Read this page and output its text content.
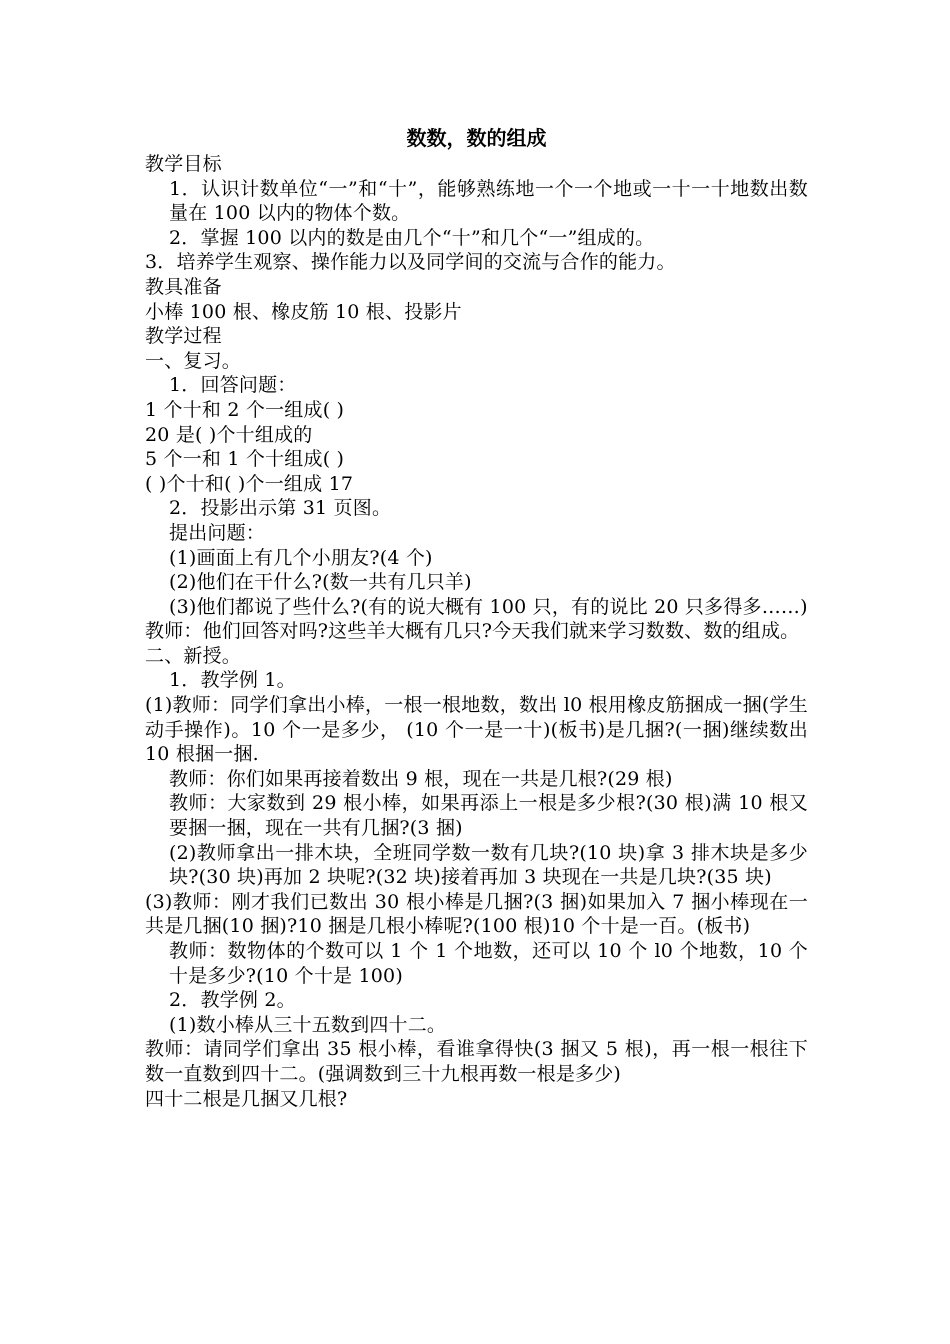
数数，数的组成
教学目标
1．认识计数单位“一”和“十”，能够熟练地一个一个地或一十一十地数出数量在 100 以内的物体个数。
2．掌握 100 以内的数是由几个“十”和几个“一”组成的。
3．培养学生观察、操作能力以及同学间的交流与合作的能力。
教具准备
小棒 100 根、橡皮筋 10 根、投影片
教学过程
一、复习。
1．回答问题：
1 个十和 2 个一组成( )
20 是( )个十组成的
5 个一和 1 个十组成( )
( )个十和( )个一组成 17
2．投影出示第 31 页图。
提出问题：
(1)画面上有几个小朋友?(4 个)
(2)他们在干什么?(数一共有几只羊)
(3)他们都说了些什么?(有的说大概有 100 只，有的说比 20 只多得多……)
教师：他们回答对吗?这些羊大概有几只?今天我们就来学习数数、数的组成。
二、新授。
1．教学例 1。
(1)教师：同学们拿出小棒，一根一根地数，数出 l0 根用橡皮筋捆成一捆(学生动手操作)。10 个一是多少， (10 个一是一十)(板书)是几捆?(一捆)继续数出 10 根捆一捆.
教师：你们如果再接着数出 9 根，现在一共是几根?(29 根)
教师：大家数到 29 根小棒，如果再添上一根是多少根?(30 根)满 10 根又要捆一捆，现在一共有几捆?(3 捆)
(2)教师拿出一排木块，全班同学数一数有几块?(10 块)拿 3 排木块是多少块?(30 块)再加 2 块呢?(32 块)接着再加 3 块现在一共是几块?(35 块)
(3)教师：刚才我们已数出 30 根小棒是几捆?(3 捆)如果加入 7 捆小棒现在一共是几捆(10 捆)?10 捆是几根小棒呢?(100 根)10 个十是一百。(板书)
教师：数物体的个数可以 1 个 1 个地数，还可以 10 个 l0 个地数，10 个十是多少?(10 个十是 100)
2．教学例 2。
(1)数小棒从三十五数到四十二。
教师：请同学们拿出 35 根小棒，看谁拿得快(3 捆又 5 根)，再一根一根往下数一直数到四十二。(强调数到三十九根再数一根是多少)
四十二根是几捆又几根?
